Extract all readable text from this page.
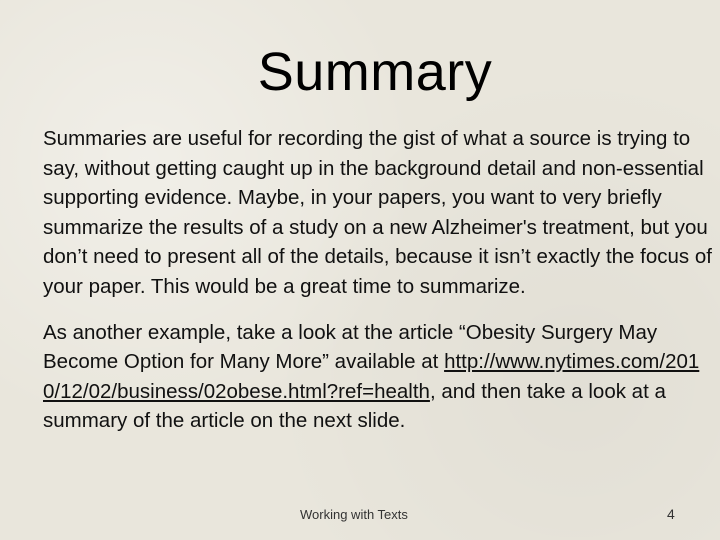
Summary

Summaries are useful for recording the gist of what a source is trying to say, without getting caught up in the background detail and non-essential supporting evidence. Maybe, in your papers, you want to very briefly summarize the results of a study on a new Alzheimer's treatment, but you don’t need to present all of the details, because it isn’t exactly the focus of your paper. This would be a great time to summarize.

As another example, take a look at the article “Obesity Surgery May Become Option for Many More” available at http://www.nytimes.com/2010/12/02/business/02obese.html?ref=health, and then take a look at a summary of the article on the next slide.

Working with Texts	4
